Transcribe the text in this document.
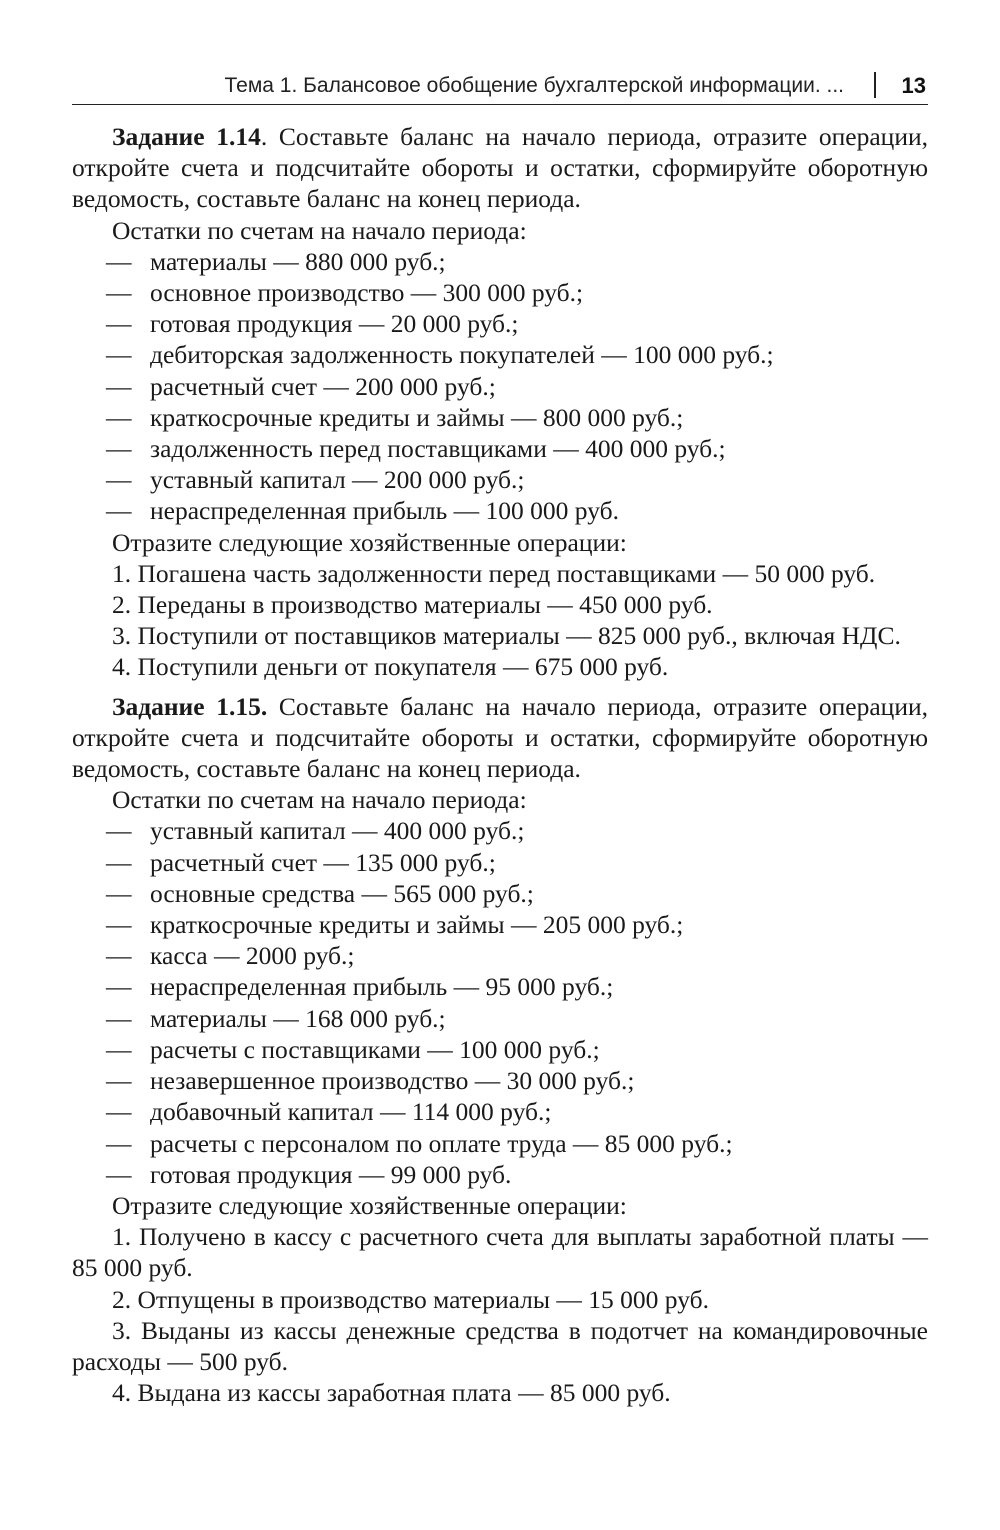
Тема 1. Балансовое обобщение бухгалтерской информации. ...	13

Задание 1.14. Составьте баланс на начало периода, отразите операции, откройте счета и подсчитайте обороты и остатки, сформируйте оборотную ведомость, составьте баланс на конец периода.

Остатки по счетам на начало периода:

— материалы — 880 000 руб.;
— основное производство — 300 000 руб.;
— готовая продукция — 20 000 руб.;
— дебиторская задолженность покупателей — 100 000 руб.;
— расчетный счет — 200 000 руб.;
— краткосрочные кредиты и займы — 800 000 руб.;
— задолженность перед поставщиками — 400 000 руб.;
— уставный капитал — 200 000 руб.;
— нераспределенная прибыль — 100 000 руб.

Отразите следующие хозяйственные операции:

1. Погашена часть задолженности перед поставщиками — 50 000 руб.
2. Переданы в производство материалы — 450 000 руб.
3. Поступили от поставщиков материалы — 825 000 руб., включая НДС.
4. Поступили деньги от покупателя — 675 000 руб.

Задание 1.15. Составьте баланс на начало периода, отразите операции, откройте счета и подсчитайте обороты и остатки, сформируйте оборотную ведомость, составьте баланс на конец периода.

Остатки по счетам на начало периода:

— уставный капитал — 400 000 руб.;
— расчетный счет — 135 000 руб.;
— основные средства — 565 000 руб.;
— краткосрочные кредиты и займы — 205 000 руб.;
— касса — 2000 руб.;
— нераспределенная прибыль — 95 000 руб.;
— материалы — 168 000 руб.;
— расчеты с поставщиками — 100 000 руб.;
— незавершенное производство — 30 000 руб.;
— добавочный капитал — 114 000 руб.;
— расчеты с персоналом по оплате труда — 85 000 руб.;
— готовая продукция — 99 000 руб.

Отразите следующие хозяйственные операции:

1. Получено в кассу с расчетного счета для выплаты заработной платы — 85 000 руб.
2. Отпущены в производство материалы — 15 000 руб.
3. Выданы из кассы денежные средства в подотчет на командировочные расходы — 500 руб.
4. Выдана из кассы заработная плата — 85 000 руб.
